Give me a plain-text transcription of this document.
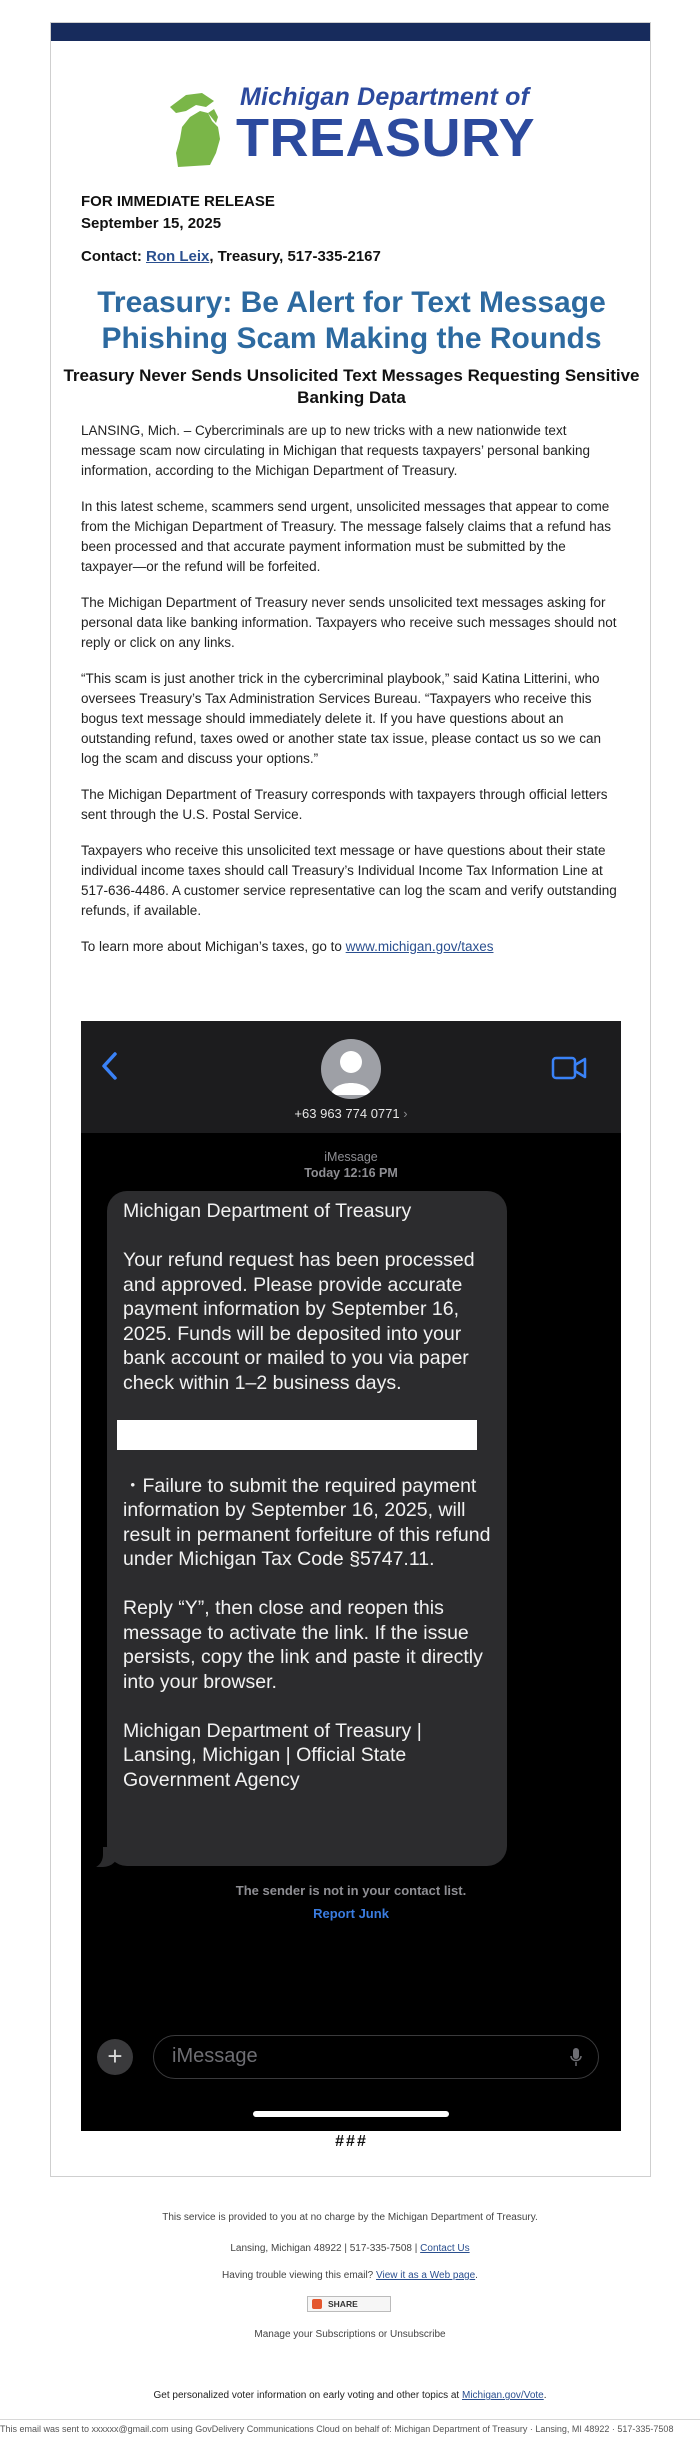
Michigan Department of
TREASURY
FOR IMMEDIATE RELEASE
September 15, 2025
Contact: Ron Leix, Treasury, 517-335-2167
Treasury: Be Alert for Text Message Phishing Scam Making the Rounds
Treasury Never Sends Unsolicited Text Messages Requesting Sensitive Banking Data

LANSING, Mich. – Cybercriminals are up to new tricks with a new nationwide text message scam now circulating in Michigan that requests taxpayers’ personal banking information, according to the Michigan Department of Treasury.

In this latest scheme, scammers send urgent, unsolicited messages that appear to come from the Michigan Department of Treasury. The message falsely claims that a refund has been processed and that accurate payment information must be submitted by the taxpayer—or the refund will be forfeited.

The Michigan Department of Treasury never sends unsolicited text messages asking for personal data like banking information. Taxpayers who receive such messages should not reply or click on any links.

“This scam is just another trick in the cybercriminal playbook,” said Katina Litterini, who oversees Treasury’s Tax Administration Services Bureau. “Taxpayers who receive this bogus text message should immediately delete it. If you have questions about an outstanding refund, taxes owed or another state tax issue, please contact us so we can log the scam and discuss your options.”

The Michigan Department of Treasury corresponds with taxpayers through official letters sent through the U.S. Postal Service.

Taxpayers who receive this unsolicited text message or have questions about their state individual income taxes should call Treasury’s Individual Income Tax Information Line at 517-636-4486. A customer service representative can log the scam and verify outstanding refunds, if available.

To learn more about Michigan’s taxes, go to www.michigan.gov/taxes

+63 963 774 0771 ›
iMessage
Today 12:16 PM

Michigan Department of Treasury

Your refund request has been processed and approved. Please provide accurate payment information by September 16, 2025. Funds will be deposited into your bank account or mailed to you via paper check within 1–2 business days.

・Failure to submit the required payment information by September 16, 2025, will result in permanent forfeiture of this refund under Michigan Tax Code §5747.11.

Reply “Y”, then close and reopen this message to activate the link. If the issue persists, copy the link and paste it directly into your browser.

Michigan Department of Treasury | Lansing, Michigan | Official State Government Agency

The sender is not in your contact list.
Report Junk
+	iMessage
###
This service is provided to you at no charge by the Michigan Department of Treasury.
Lansing, Michigan 48922 | 517-335-7508 | Contact Us
Having trouble viewing this email? View it as a Web page.
SHARE
Manage your Subscriptions or Unsubscribe
Get personalized voter information on early voting and other topics at Michigan.gov/Vote.
This email was sent to xxxxxx@gmail.com using GovDelivery Communications Cloud on behalf of: Michigan Department of Treasury · Lansing, MI 48922 · 517-335-7508
